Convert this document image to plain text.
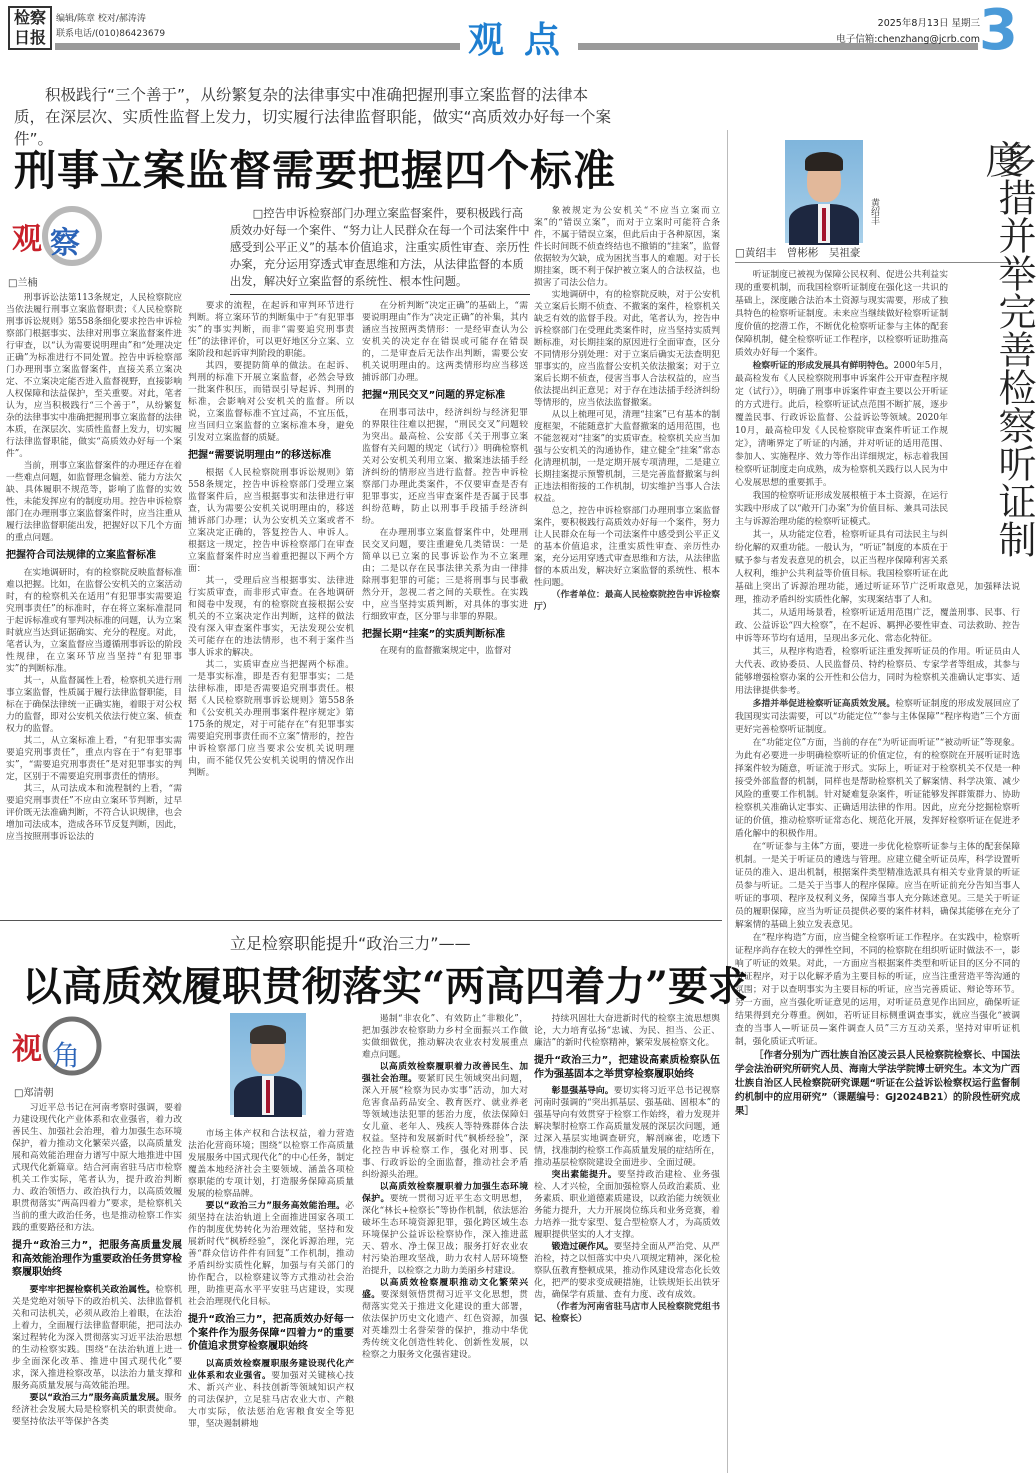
检察
日报
编辑/陈章 校对/郝涛涛
联系电话/(010)86423679	观点	2025年8月13日 星期三
电子信箱:chenzhang@jcrb.com 3
积极践行“三个善于”，从纷繁复杂的法律事实中准确把握刑事立案监督的法律本质，在深层次、实质性监督上发力，切实履行法律监督职能，做实“高质效办好每一个案件”。
刑事立案监督需要把握四个标准
观 察
□兰楠
□控告申诉检察部门办理立案监督案件，要积极践行高质效办好每一个案件、“努力让人民群众在每一个司法案件中感受到公平正义”的基本价值追求，注重实质性审查、亲历性办案，充分运用穿透式审查思维和方法，从法律监督的本质出发，解决好立案监督的系统性、根本性问题。

刑事诉讼法第113条规定，人民检察院应当依法履行刑事立案监督职责；《人民检察院刑事诉讼规则》第558条细化要求控告申诉检察部门根据事实、法律对刑事立案监督案件进行审查，以“认为需要说明理由”和“处理决定正确”为标准进行不同处置。控告申诉检察部门办理刑事立案监督案件，直接关系立案决定、不立案决定能否进入监督视野，直接影响人权保障和法益保护，至关重要。对此，笔者认为，应当积极践行“三个善于”，从纷繁复杂的法律事实中准确把握刑事立案监督的法律本质，在深层次、实质性监督上发力，切实履行法律监督职能，做实“高质效办好每一个案件”。

当前，刑事立案监督案件的办理还存在着一些难点问题，如监督理念偏差、能力方法欠缺、具体履职不规范等，影响了监督的实效性，未能发挥应有的制度功用。控告申诉检察部门在办理刑事立案监督案件时，应当注重从履行法律监督职能出发，把握好以下几个方面的重点问题。

把握符合司法规律的立案监督标准

在实地调研时，有的检察院反映监督标准难以把握。比如，在监督公安机关的立案活动时，有的检察机关在适用“有犯罪事实需要追究刑事责任”的标准时，存在将立案标准混同于起诉标准或有罪判决标准的问题，认为立案时就应当达到证据确实、充分的程度。对此，笔者认为，立案监督应当遵循刑事诉讼的阶段性规律，在立案环节应当坚持“有犯罪事实”的判断标准。

其一，从监督属性上看，检察机关进行刑事立案监督，性质属于履行法律监督职能，目标在于确保法律统一正确实施，着眼于对公权力的监督，即对公安机关依法行使立案、侦查权力的监督。

其二，从立案标准上看，“有犯罪事实需要追究刑事责任”，重点内容在于“有犯罪事实”，“需要追究刑事责任”是对犯罪事实的判定，区别于不需要追究刑事责任的情形。

其三，从司法成本和流程制约上看，“需要追究刑事责任”不应由立案环节判断，过早评价既无法准确判断，不符合认识规律，也会增加司法成本，造成各环节反复判断，因此，应当按照刑事诉讼法的

要求的流程，在起诉和审判环节进行判断。将立案环节的判断集中于“有犯罪事实”的事实判断，而非“需要追究刑事责任”的法律评价，可以更好地区分立案、立案阶段和起诉审判阶段的职能。

其四，要提防简单的做法。在起诉、判刑的标准下开展立案监督，必然会导致一批案件积压，而错误引导起诉、判刑的标准，会影响对公安机关的监督。所以说，立案监督标准不宜过高，不宜压低，应当回归立案监督的立案标准本身，避免引发对立案监督的质疑。

把握“需要说明理由”的移送标准

根据《人民检察院刑事诉讼规则》第558条规定，控告申诉检察部门受理立案监督案件后，应当根据事实和法律进行审查，认为需要公安机关说明理由的，移送捕诉部门办理；认为公安机关立案或者不立案决定正确的，答复控告人、申诉人。根据这一规定，控告申诉检察部门在审查立案监督案件时应当着重把握以下两个方面：

其一，受理后应当根据事实、法律进行实质审查，而非形式审查。在各地调研和阅卷中发现，有的检察院直接根据公安机关的不立案决定作出判断，这样的做法没有深入审查案件事实，无法发现公安机关可能存在的违法情形，也不利于案件当事人诉求的解决。

其二，实质审查应当把握两个标准。一是事实标准，即是否有犯罪事实；二是法律标准，即是否需要追究刑事责任。根据《人民检察院刑事诉讼规则》第558条和《公安机关办理刑事案件程序规定》第175条的规定，对于可能存在“有犯罪事实需要追究刑事责任而不立案”情形的，控告申诉检察部门应当要求公安机关说明理由，而不能仅凭公安机关说明的情况作出判断。

在分析判断“决定正确”的基础上，“需要说明理由”作为“决定正确”的补集，其内涵应当按照两类情形：一是经审查认为公安机关的决定存在错误或可能存在错误的，二是审查后无法作出判断，需要公安机关说明理由的。这两类情形均应当移送捕诉部门办理。

把握“刑民交叉”问题的界定标准

在刑事司法中，经济纠纷与经济犯罪的界限往往难以把握，“刑民交叉”问题较为突出。最高检、公安部《关于刑事立案监督有关问题的规定（试行）》明确检察机关对公安机关利用立案、撤案违法插手经济纠纷的情形应当进行监督。控告申诉检察部门办理此类案件，不仅要审查是否有犯罪事实，还应当审查案件是否属于民事纠纷范畴，防止以刑事手段插手经济纠纷。

在办理刑事立案监督案件中，处理刑民交叉问题，要注重避免几类错误：一是简单以已立案的民事诉讼作为不立案理由；二是以存在民事法律关系为由一律排除刑事犯罪的可能；三是将刑事与民事截然分开，忽视二者之间的关联性。在实践中，应当坚持实质判断，对具体的事实进行细致审查，区分罪与非罪的界限。

把握长期“挂案”的实质判断标准

在现有的监督撤案规定中，监督对

象被规定为公安机关“不应当立案而立案”的“错误立案”，而对于立案时可能符合条件，不属于错误立案，但此后由于各种原因，案件长时间既不侦查终结也不撤销的“挂案”，监督依据较为欠缺，成为困扰当事人的难题。对于长期挂案，既不利于保护被立案人的合法权益，也损害了司法公信力。

实地调研中，有的检察院反映，对于公安机关立案后长期不侦查、不撤案的案件，检察机关缺乏有效的监督手段。对此，笔者认为，控告申诉检察部门在受理此类案件时，应当坚持实质判断标准，对长期挂案的原因进行全面审查，区分不同情形分别处理：对于立案后确实无法查明犯罪事实的，应当监督公安机关依法撤案；对于立案后长期不侦查，侵害当事人合法权益的，应当依法提出纠正意见；对于存在违法插手经济纠纷等情形的，应当依法监督撤案。

从以上梳理可见，清理“挂案”已有基本的制度框架，不能随意扩大监督撤案的适用范围，也不能忽视对“挂案”的实质审查。检察机关应当加强与公安机关的沟通协作，建立健全“挂案”常态化清理机制，一是定期开展专项清理，二是建立长期挂案提示预警机制，三是完善监督撤案与纠正违法相衔接的工作机制，切实维护当事人合法权益。

总之，控告申诉检察部门办理刑事立案监督案件，要积极践行高质效办好每一个案件，努力让人民群众在每一个司法案件中感受到公平正义的基本价值追求，注重实质性审查、亲历性办案，充分运用穿透式审查思维和方法，从法律监督的本质出发，解决好立案监督的系统性、根本性问题。

（作者单位：最高人民检察院控告申诉检察厅）

多措并举完善检察听证制度
黄绍丰
□黄绍丰　曾彬彬　吴祖豪

听证制度已被视为保障公民权利、促进公共利益实现的重要机制，而我国检察听证制度在强化这一共识的基础上，深度融合法治本土资源与现实需要，形成了独具特色的检察听证制度。未来应当继续做好检察听证制度价值的挖潜工作，不断优化检察听证参与主体的配套保障机制，健全检察听证工作程序，以检察听证助推高质效办好每一个案件。

检察听证的形成发展具有鲜明特色。2000年5月，最高检发布《人民检察院刑事申诉案件公开审查程序规定（试行）》，明确了刑事申诉案件审查主要以公开听证的方式进行。此后，检察听证试点范围不断扩展，逐步覆盖民事、行政诉讼监督、公益诉讼等领域。2020年10月，最高检印发《人民检察院审查案件听证工作规定》，清晰界定了听证的内涵，并对听证的适用范围、参加人、实施程序、效力等作出详细规定，标志着我国检察听证制度走向成熟，成为检察机关践行以人民为中心发展思想的重要抓手。

我国的检察听证形成发展根植于本土资源，在运行实践中形成了以“敞开门办案”为价值目标、兼具司法民主与诉源治理功能的检察听证模式。

其一，从功能定位看，检察听证具有司法民主与纠纷化解的双重功能。一般认为，“听证”制度的本质在于赋予参与者发表意见的机会，以正当程序保障利害关系人权利，维护公共利益等价值目标。我国检察听证在此基础上突出了诉源治理功能，通过听证环节广泛听取意见，加强释法说理，推动矛盾纠纷实质性化解，实现案结事了人和。

其二，从适用场景看，检察听证适用范围广泛，覆盖刑事、民事、行政、公益诉讼“四大检察”，在不起诉、羁押必要性审查、司法救助、控告申诉等环节均有适用，呈现出多元化、常态化特征。

其三，从程序构造看，检察听证注重发挥听证员的作用。听证员由人大代表、政协委员、人民监督员、特约检察员、专家学者等组成，其参与能够增强检察办案的公开性和公信力，同时为检察机关准确认定事实、适用法律提供参考。

多措并举促进检察听证高质效发展。检察听证制度的形成发展回应了我国现实司法需要，可以“功能定位”“参与主体保障”“程序构造”三个方面更好完善检察听证制度。

在“功能定位”方面，当前的存在“为听证而听证”“被动听证”等现象。为此有必要进一步明确检察听证的价值定位，有的检察院在开展听证时选择案件较为随意，听证流于形式。实际上，听证对于检察机关不仅是一种接受外部监督的机制，同样也是帮助检察机关了解案情、科学决策、减少风险的重要工作机制。针对疑难复杂案件，听证能够发挥群策群力、协助检察机关准确认定事实、正确适用法律的作用。因此，应充分挖掘检察听证的价值，推动检察听证常态化、规范化开展，发挥好检察听证在促进矛盾化解中的积极作用。

在“听证参与主体”方面，要进一步优化检察听证参与主体的配套保障机制。一是关于听证员的遴选与管理。应建立健全听证员库，科学设置听证员的准入、退出机制，根据案件类型精准选派具有相关专业背景的听证员参与听证。二是关于当事人的程序保障。应当在听证前充分告知当事人听证的事项、程序及权利义务，保障当事人充分陈述意见。三是关于听证员的履职保障，应当为听证员提供必要的案件材料，确保其能够在充分了解案情的基础上独立发表意见。

在“程序构造”方面，应当健全检察听证工作程序。在实践中，检察听证程序尚存在较大的弹性空间，不同的检察院在组织听证时做法不一，影响了听证的效果。对此，一方面应当根据案件类型和听证目的区分不同的听证程序，对于以化解矛盾为主要目标的听证，应当注重营造平等沟通的氛围；对于以查明事实为主要目标的听证，应当完善质证、辩论等环节。另一方面，应当强化听证意见的运用，对听证员意见作出回应，确保听证结果得到充分尊重。例如，若听证目标侧重调查事实，就应当强化“被调查的当事人—听证员—案件调查人员”三方互动关系，坚持对审听证机制，强化质证式听证。

［作者分别为广西壮族自治区凌云县人民检察院检察长、中国法学会法治研究所研究人员、海南大学法学院博士研究生。本文为广西壮族自治区人民检察院研究课题“听证在公益诉讼检察权运行监督制约机制中的应用研究”（课题编号：GJ2024B21）的阶段性研究成果］

立足检察职能提升“政治三力”——
以高质效履职贯彻落实“两高四着力”要求
视 角
□郑清朝

习近平总书记在河南考察时强调，要着力建设现代化产业体系和农业强省，着力改善民生、加强社会治理，着力加强生态环境保护，着力推动文化繁荣兴盛，以高质量发展和高效能治理奋力谱写中原大地推进中国式现代化新篇章。结合河南省驻马店市检察机关工作实际，笔者认为，提升政治判断力、政治领悟力、政治执行力，以高质效履职贯彻落实“两高四着力”要求，是检察机关当前的重大政治任务，也是推动检察工作实践的重要路径和方法。

提升“政治三力”，把服务高质量发展和高效能治理作为重要政治任务贯穿检察履职始终

要牢牢把握检察机关政治属性。检察机关是党绝对领导下的政治机关、法律监督机关和司法机关，必须从政治上着眼，在法治上着力，全面履行法律监督职能，把司法办案过程转化为深入贯彻落实习近平法治思想的生动检察实践。围绕“在法治轨道上进一步全面深化改革、推进中国式现代化”要求，深入推进检察改革，以法治力量支撑和服务高质量发展与高效能治理。

要以“政治三力”服务高质量发展。服务经济社会发展大局是检察机关的职责使命。要坚持依法平等保护各类

市场主体产权和合法权益，着力营造法治化营商环境；围绕“以检察工作高质量发展服务中国式现代化”的中心任务，制定覆盖本地经济社会主要领域、涵盖各项检察职能的专项计划，打造服务保障高质量发展的检察品牌。

要以“政治三力”服务高效能治理。必须坚持在法治轨道上全面推进国家各项工作的制度优势转化为治理效能，坚持和发展新时代“枫桥经验”，深化诉源治理，完善“群众信访件件有回复”工作机制，推动矛盾纠纷实质性化解，加强与有关部门的协作配合，以检察建议等方式推动社会治理，助推更高水平平安驻马店建设，实现社会治理现代化目标。

提升“政治三力”，把高质效办好每一个案件作为服务保障“四着力”的重要价值追求贯穿检察履职始终

以高质效检察履职服务建设现代化产业体系和农业强省。要加强对关键核心技术、新兴产业、科技创新等领域知识产权的司法保护，立足驻马店农业大市、产粮大市实际，依法惩治危害粮食安全等犯罪，坚决遏制耕地

遏制“非农化”、有效防止“非粮化”，把加强涉农检察助力乡村全面振兴工作做实做细做优，推动解决农业农村发展重点难点问题。

以高质效检察履职着力改善民生、加强社会治理。要紧盯民生领域突出问题，深入开展“检察为民办实事”活动，加大对危害食品药品安全、教育医疗、就业养老等领域违法犯罪的惩治力度，依法保障妇女儿童、老年人、残疾人等特殊群体合法权益。坚持和发展新时代“枫桥经验”，深化控告申诉检察工作，强化对刑事、民事、行政诉讼的全面监督，推动社会矛盾纠纷源头治理。

以高质效检察履职着力加强生态环境保护。要统一贯彻习近平生态文明思想，深化“林长+检察长”等协作机制，依法惩治破坏生态环境资源犯罪，强化跨区域生态环境保护公益诉讼检察协作，深入推进蓝天、碧水、净土保卫战；服务打好农业农村污染治理攻坚战，助力农村人居环境整治提升，以检察之力助力美丽乡村建设。

以高质效检察履职推动文化繁荣兴盛。要深刻领悟贯彻习近平文化思想，贯彻落实党关于推进文化建设的重大部署，依法保护历史文化遗产、红色资源，加强对英雄烈士名誉荣誉的保护，推动中华优秀传统文化创造性转化、创新性发展，以检察之力服务文化强省建设。

持续巩固壮大奋进新时代的检察主流思想舆论，大力培育弘扬“忠诚、为民、担当、公正、廉洁”的新时代检察精神，繁荣发展检察文化。

提升“政治三力”，把建设高素质检察队伍作为强基固本之举贯穿检察履职始终

彰显强基导向。要切实将习近平总书记视察河南时强调的“突出抓基层、强基础、固根本”的强基导向有效贯穿于检察工作始终，着力发现并解决掣肘检察工作高质量发展的深层次问题，通过深入基层实地调查研究，解剖麻雀，吃透下情，找准制约检察工作高质量发展的症结所在，推动基层检察院建设全面进步、全面过硬。

突出素能提升。要坚持政治建检、业务强检、人才兴检，全面加强检察人员政治素质、业务素质、职业道德素质建设，以政治能力统领业务能力提升，大力开展岗位练兵和业务竞赛，着力培养一批专家型、复合型检察人才，为高质效履职提供坚实的人才支撑。

锻造过硬作风。要坚持全面从严治党、从严治检，持之以恒落实中央八项规定精神，深化检察队伍教育整顿成果，推动作风建设常态化长效化，把严的要求变成硬措施，让铁规矩长出铁牙齿，确保学有质量、查有力度、改有成效。

（作者为河南省驻马店市人民检察院党组书记、检察长）
